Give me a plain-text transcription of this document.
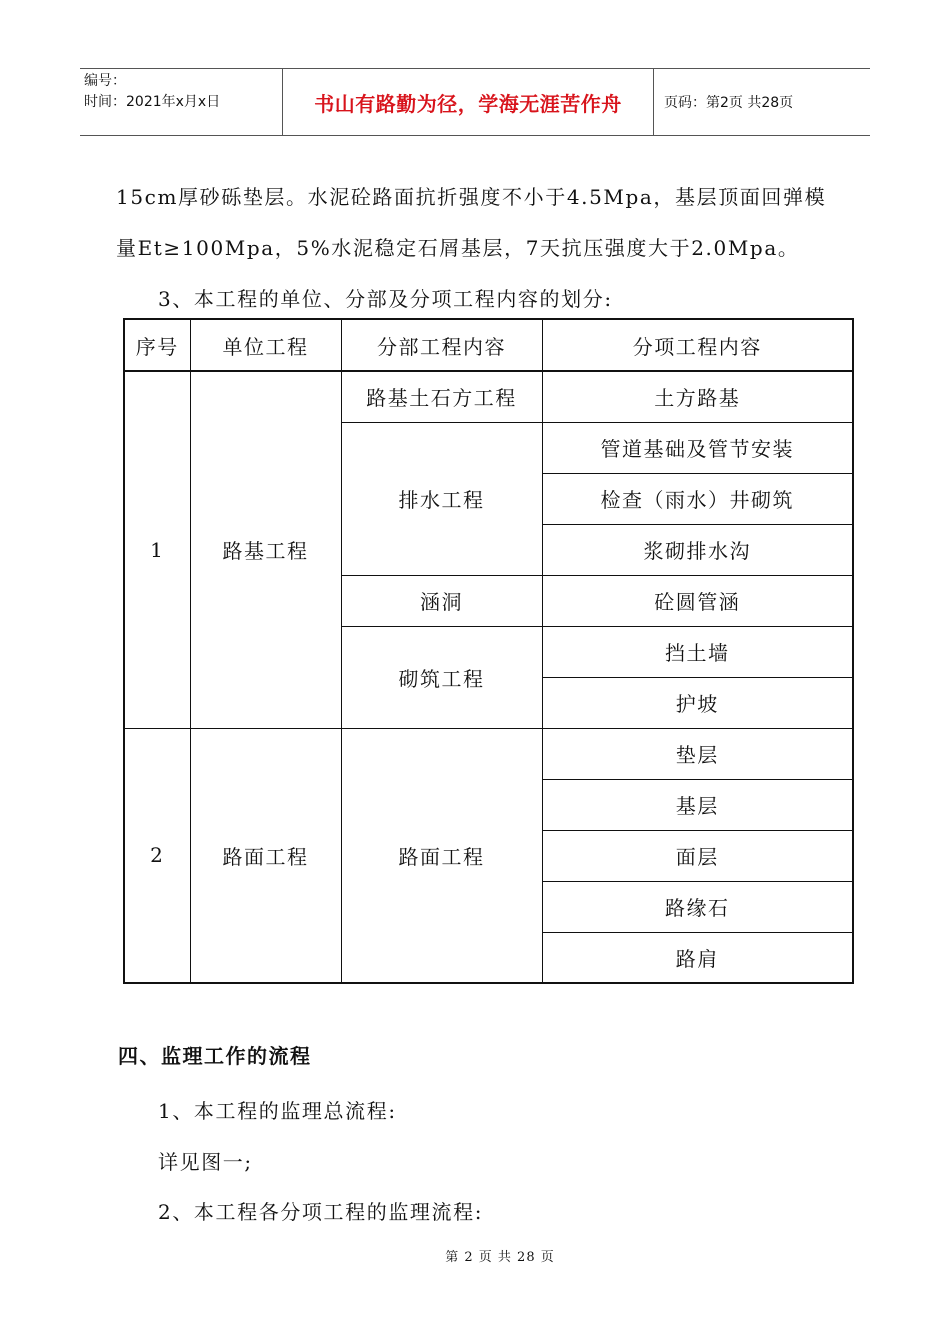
编号：
时间：2021年x月x日	书山有路勤为径，学海无涯苦作舟	页码：第2页 共28页
15cm厚砂砾垫层。水泥砼路面抗折强度不小于4.5Mpa，基层顶面回弹模
量Et≥100Mpa，5%水泥稳定石屑基层，7天抗压强度大于2.0Mpa。
3、本工程的单位、分部及分项工程内容的划分:
序号	单位工程	分部工程内容	分项工程内容
1	路基工程	路基土石方工程	土方路基
		排水工程	管道基础及管节安装
			检查（雨水）井砌筑
			浆砌排水沟
		涵洞	砼圆管涵
		砌筑工程	挡土墙
			护坡
2	路面工程	路面工程	垫层
			基层
			面层
			路缘石
			路肩
四、监理工作的流程
1、本工程的监理总流程:
详见图一;
2、本工程各分项工程的监理流程:
第 2 页 共 28 页
